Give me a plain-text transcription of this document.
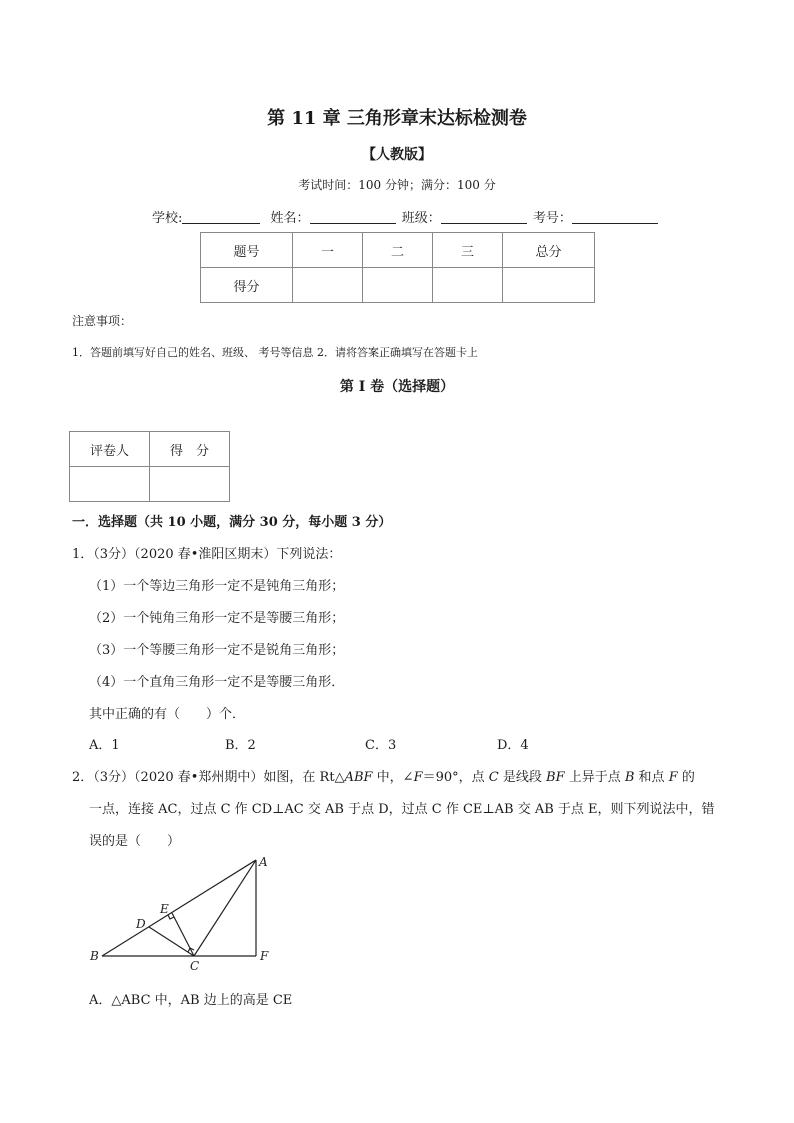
第 11 章 三角形章末达标检测卷
【人教版】
考试时间：100 分钟；满分：100 分
学校:	姓名：	班级：	考号：
题号	一	二	三	总分
得分				
注意事项：
1．答题前填写好自己的姓名、班级、 考号等信息 2．请将答案正确填写在答题卡上
第 I 卷（选择题）
评卷人	得　分

一．选择题（共 10 小题，满分 30 分，每小题 3 分）
1．（3分）（2020 春•淮阳区期末）下列说法：
（1）一个等边三角形一定不是钝角三角形；
（2）一个钝角三角形一定不是等腰三角形；
（3）一个等腰三角形一定不是锐角三角形；
（4）一个直角三角形一定不是等腰三角形．
其中正确的有（　　）个．
A．1	B．2	C．3	D．4
2．（3分）（2020 春•郑州期中）如图，在 Rt△ABF 中，∠F＝90°，点 C 是线段 BF 上异于点 B 和点 F 的
一点，连接 AC，过点 C 作 CD⊥AC 交 AB 于点 D，过点 C 作 CE⊥AB 交 AB 于点 E，则下列说法中，错
误的是（　　）
A
B
C
D
E
F
A．△ABC 中，AB 边上的高是 CE
